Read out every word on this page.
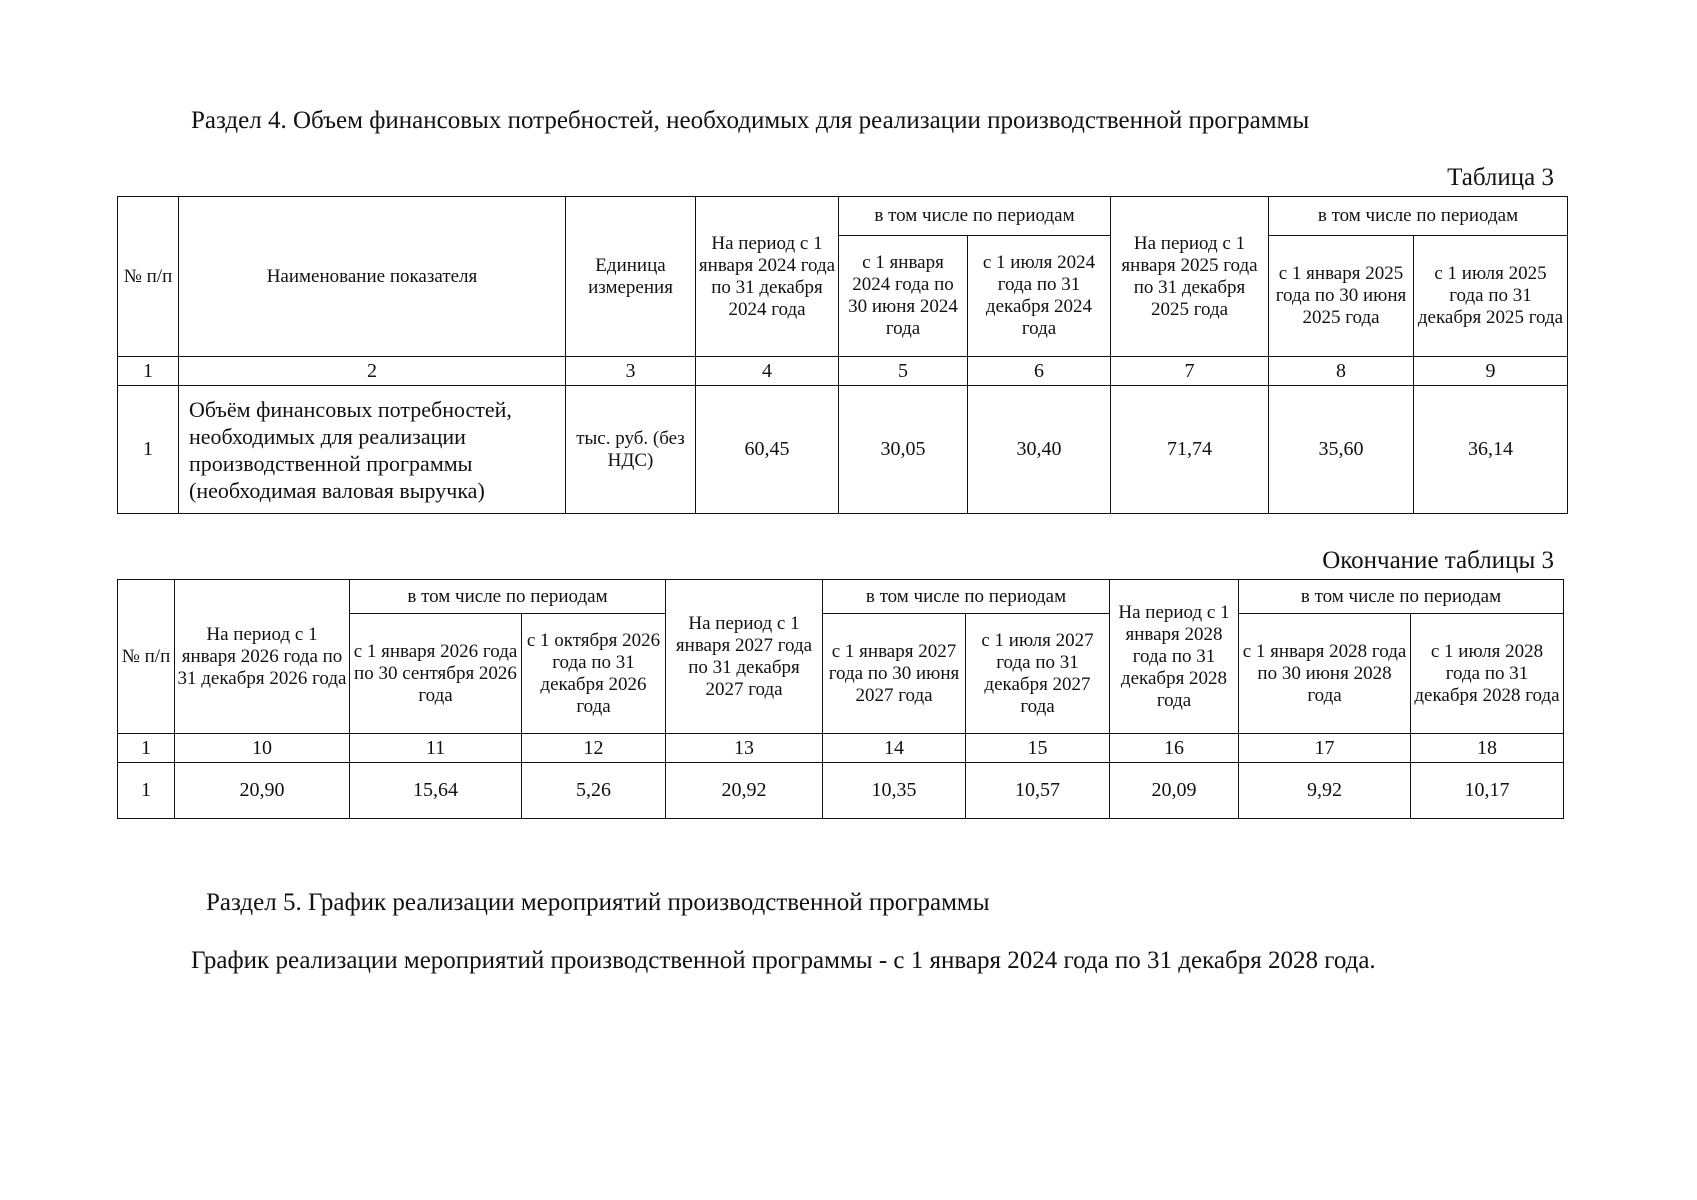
Раздел 4. Объем финансовых потребностей, необходимых для реализации производственной программы
Таблица 3
№ п/п	Наименование показателя	Единица измерения	На период с 1 января 2024 года по 31 декабря 2024 года	в том числе по периодам		На период с 1 января 2025 года по 31 декабря 2025 года	в том числе по периодам	
				с 1 января 2024 года по 30 июня 2024 года	с 1 июля 2024 года по 31 декабря 2024 года		с 1 января 2025 года по 30 июня 2025 года	с 1 июля 2025 года по 31 декабря 2025 года
1	2	3	4	5	6	7	8	9
1	Объём финансовых потребностей, необходимых для реализации производственной программы (необходимая валовая выручка)	тыс. руб. (без НДС)	60,45	30,05	30,40	71,74	35,60	36,14
Окончание таблицы 3
№ п/п	На период с 1 января 2026 года по 31 декабря 2026 года	в том числе по периодам		На период с 1 января 2027 года по 31 декабря 2027 года	в том числе по периодам		На период с 1 января 2028 года по 31 декабря 2028 года	в том числе по периодам	
		с 1 января 2026 года по 30 сентября 2026 года	с 1 октября 2026 года по 31 декабря 2026 года		с 1 января 2027 года по 30 июня 2027 года	с 1 июля 2027 года по 31 декабря 2027 года		с 1 января 2028 года по 30 июня 2028 года	с 1 июля 2028 года по 31 декабря 2028 года
1	10	11	12	13	14	15	16	17	18
1	20,90	15,64	5,26	20,92	10,35	10,57	20,09	9,92	10,17
Раздел 5. График реализации мероприятий производственной программы
График реализации мероприятий производственной программы - с 1 января 2024 года по 31 декабря 2028 года.
